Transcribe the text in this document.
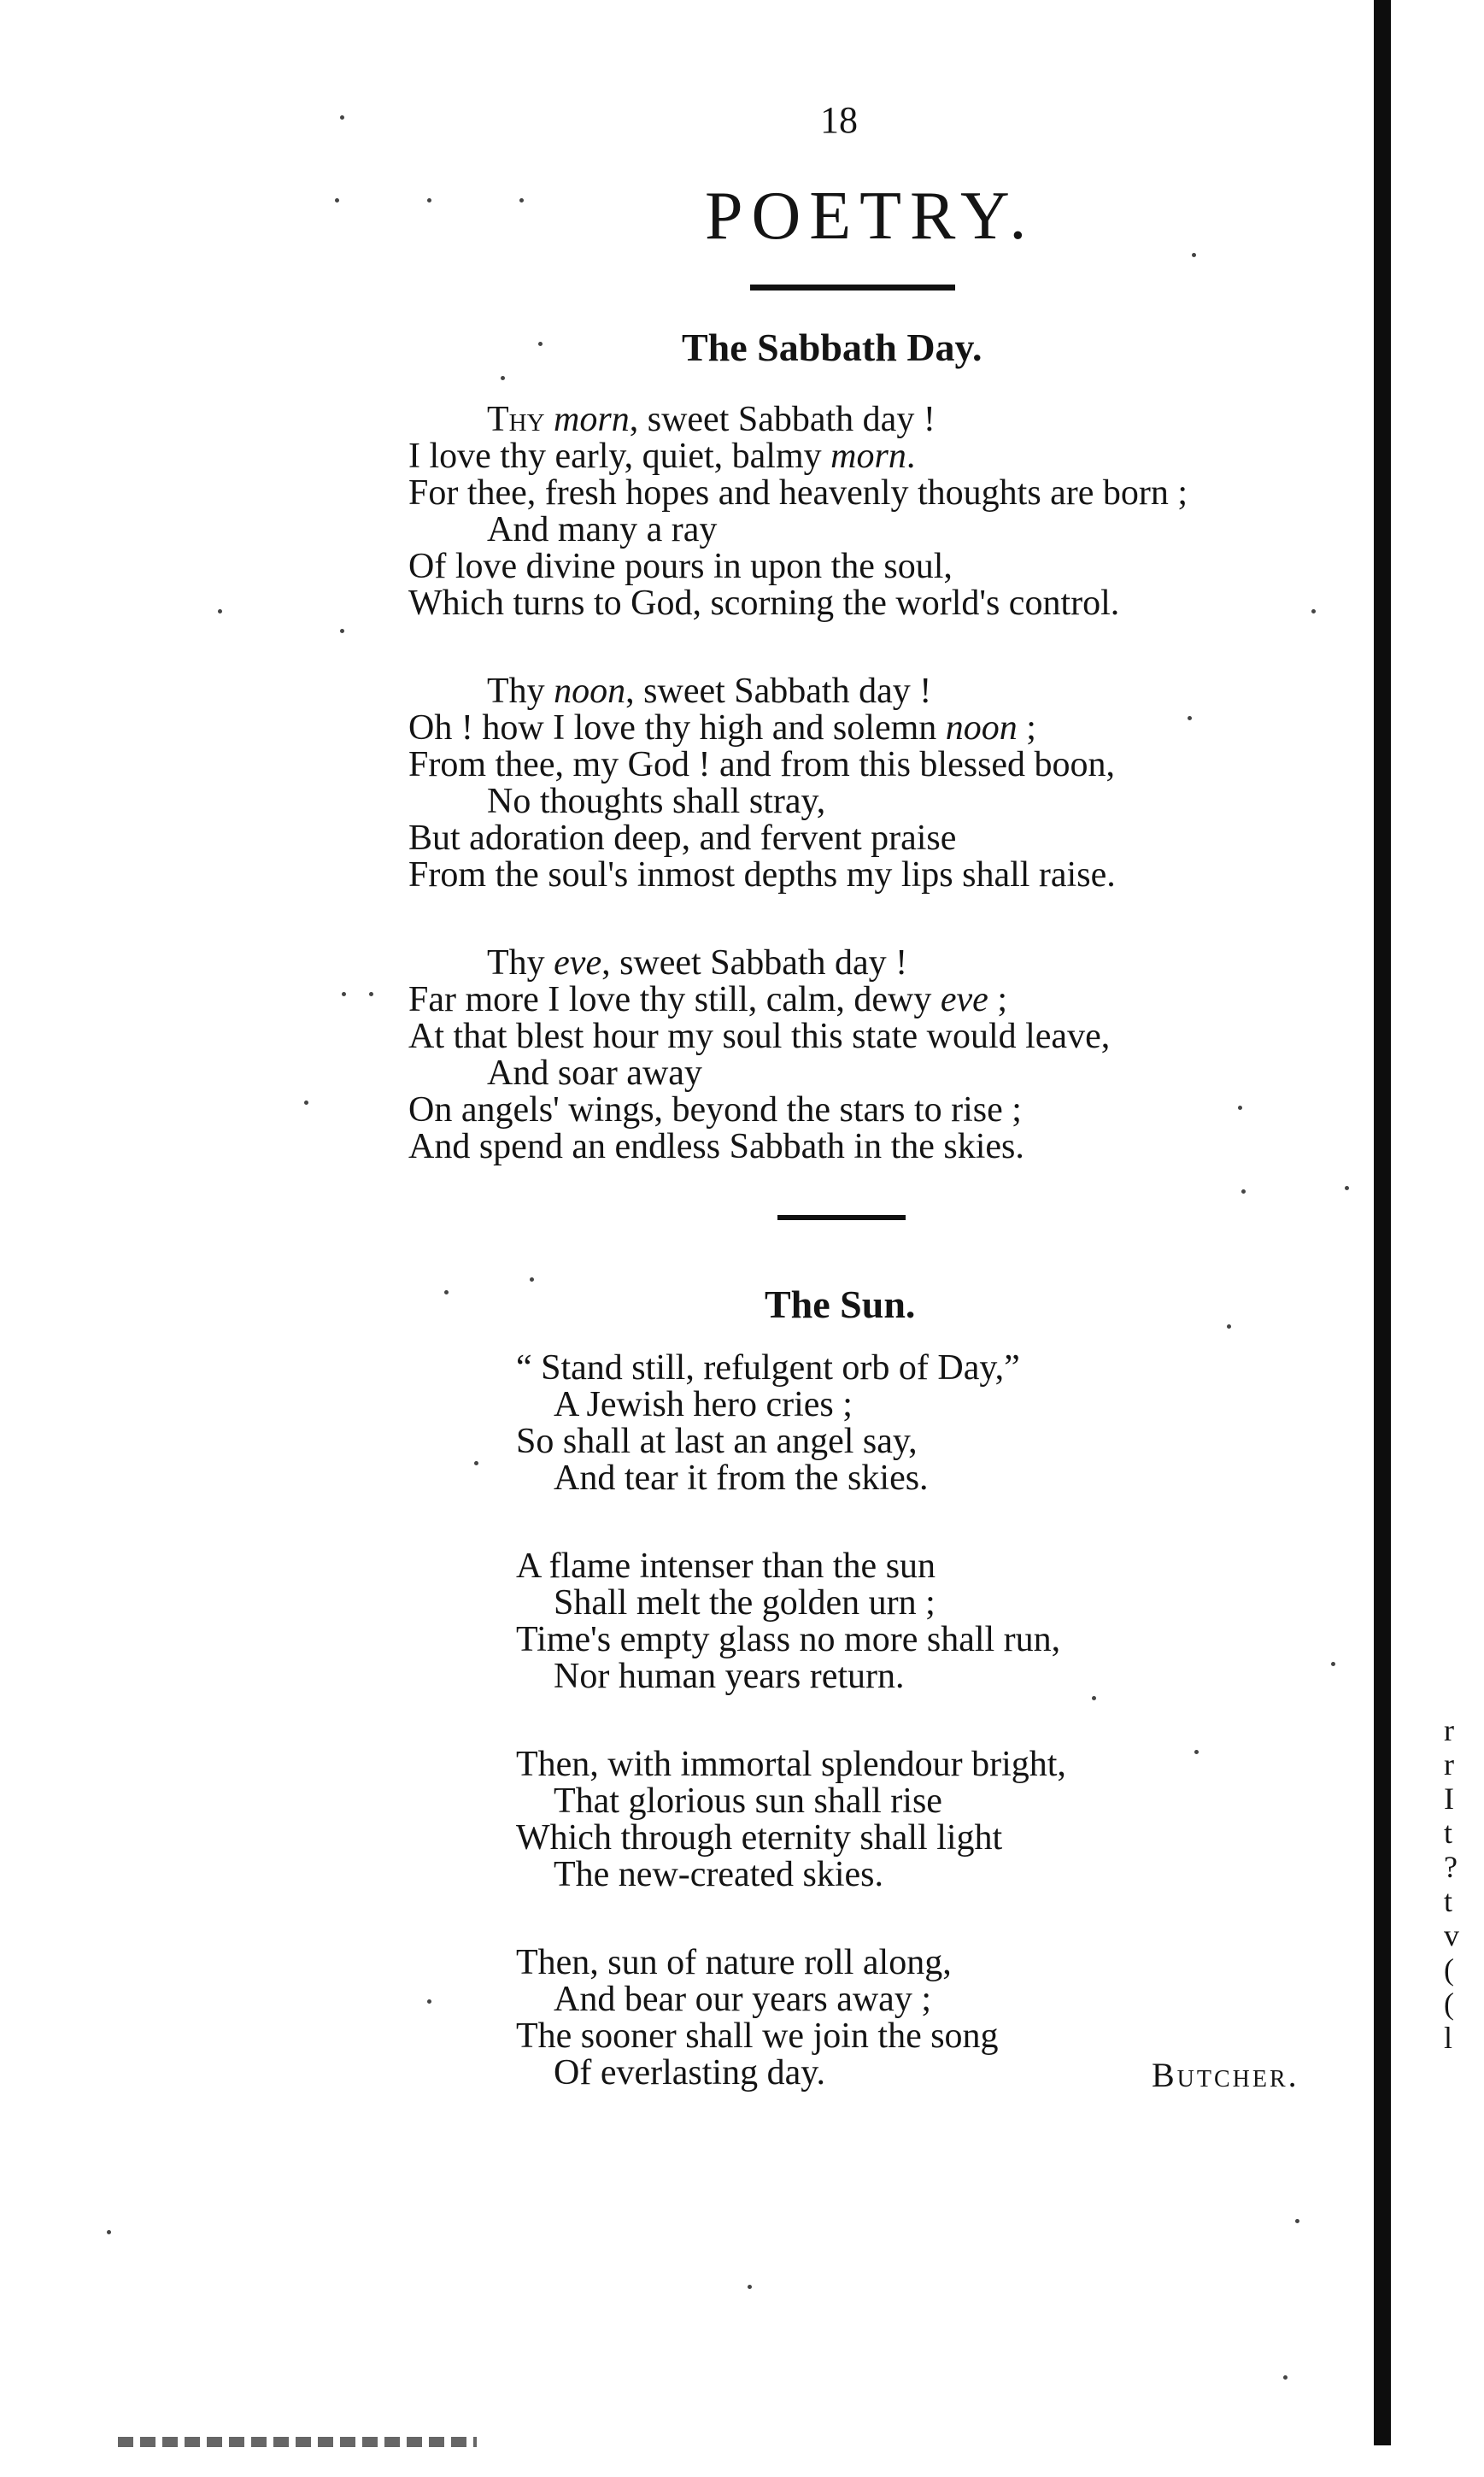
18
POETRY.
The Sabbath Day.
Thy morn, sweet Sabbath day !
I love thy early, quiet, balmy morn.
For thee, fresh hopes and heavenly thoughts are born ;
And many a ray
Of love divine pours in upon the soul,
Which turns to God, scorning the world's control.
Thy noon, sweet Sabbath day !
Oh ! how I love thy high and solemn noon ;
From thee, my God ! and from this blessed boon,
No thoughts shall stray,
But adoration deep, and fervent praise
From the soul's inmost depths my lips shall raise.
Thy eve, sweet Sabbath day !
Far more I love thy still, calm, dewy eve ;
At that blest hour my soul this state would leave,
And soar away
On angels' wings, beyond the stars to rise ;
And spend an endless Sabbath in the skies.
The Sun.
“ Stand still, refulgent orb of Day,”
A Jewish hero cries ;
So shall at last an angel say,
And tear it from the skies.
A flame intenser than the sun
Shall melt the golden urn ;
Time's empty glass no more shall run,
Nor human years return.
Then, with immortal splendour bright,
That glorious sun shall rise
Which through eternity shall light
The new-created skies.
Then, sun of nature roll along,
And bear our years away ;
The sooner shall we join the song
Of everlasting day.	Butcher.
r
r
I
t
?
t
v
(
(
l
